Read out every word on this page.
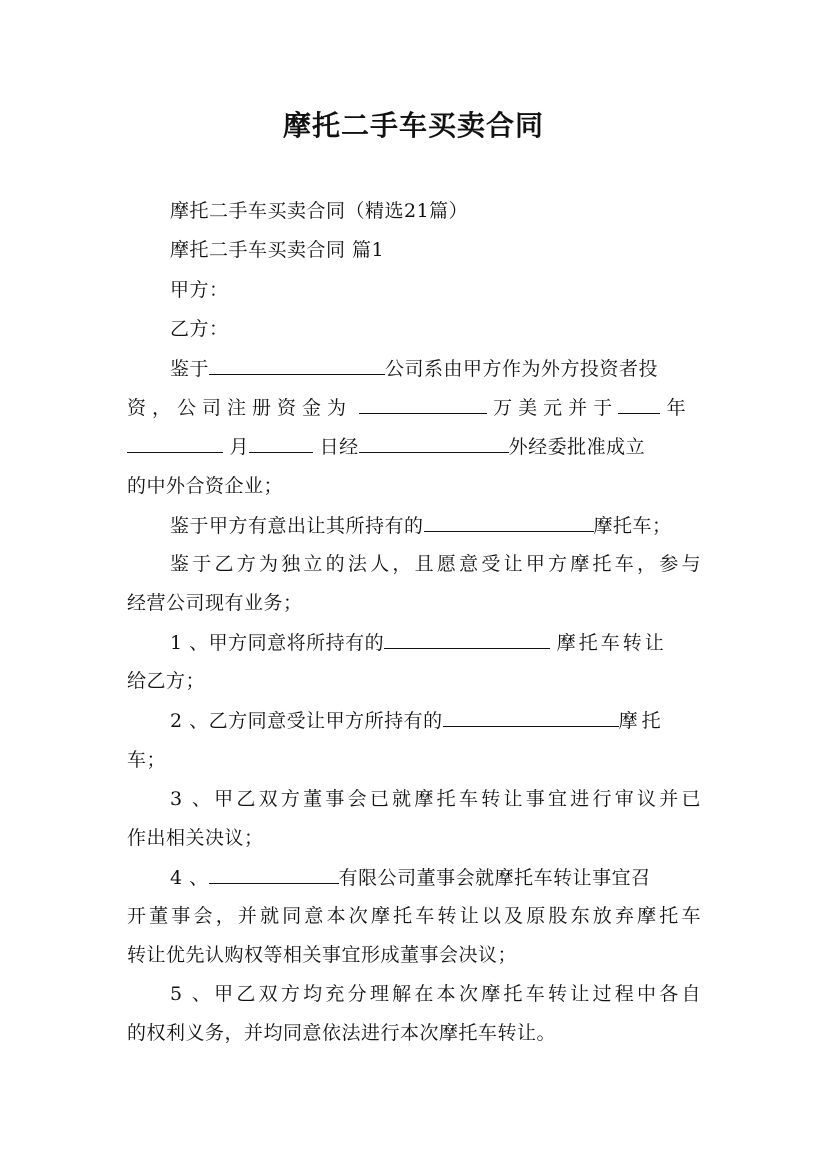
摩托二手车买卖合同
摩托二手车买卖合同（精选21篇）
摩托二手车买卖合同 篇1
甲方：
乙方：
鉴于	公司系由甲方作为外方投资者投
资，公司注册资金为	万美元并于	年
月	日经	外经委批准成立
的中外合资企业；
鉴于甲方有意出让其所持有的	摩托车；
鉴于乙方为独立的法人，且愿意受让甲方摩托车，参与
经营公司现有业务；
1 、甲方同意将所持有的	摩托车转让
给乙方；
2 、乙方同意受让甲方所持有的	摩托
车；
3 、甲乙双方董事会已就摩托车转让事宜进行审议并已
作出相关决议；
4 、	有限公司董事会就摩托车转让事宜召
开董事会，并就同意本次摩托车转让以及原股东放弃摩托车
转让优先认购权等相关事宜形成董事会决议；
5 、甲乙双方均充分理解在本次摩托车转让过程中各自
的权利义务，并均同意依法进行本次摩托车转让。
